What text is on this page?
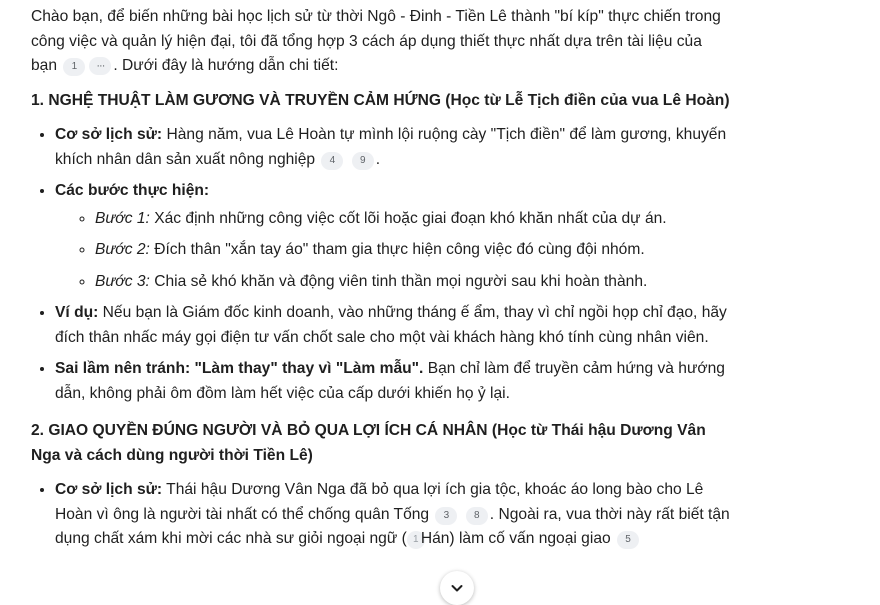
Chào bạn, để biến những bài học lịch sử từ thời Ngô - Đinh - Tiền Lê thành "bí kíp" thực chiến trong công việc và quản lý hiện đại, tôi đã tổng hợp 3 cách áp dụng thiết thực nhất dựa trên tài liệu của bạn 1 ··· . Dưới đây là hướng dẫn chi tiết:

1. NGHỆ THUẬT LÀM GƯƠNG VÀ TRUYỀN CẢM HỨNG (Học từ Lễ Tịch điền của vua Lê Hoàn)
• Cơ sở lịch sử: Hàng năm, vua Lê Hoàn tự mình lội ruộng cày "Tịch điền" để làm gương, khuyến khích nhân dân sản xuất nông nghiệp 4 9 .
• Các bước thực hiện:
◦ Bước 1: Xác định những công việc cốt lõi hoặc giai đoạn khó khăn nhất của dự án.
◦ Bước 2: Đích thân "xắn tay áo" tham gia thực hiện công việc đó cùng đội nhóm.
◦ Bước 3: Chia sẻ khó khăn và động viên tinh thần mọi người sau khi hoàn thành.
• Ví dụ: Nếu bạn là Giám đốc kinh doanh, vào những tháng ế ẩm, thay vì chỉ ngồi họp chỉ đạo, hãy đích thân nhấc máy gọi điện tư vấn chốt sale cho một vài khách hàng khó tính cùng nhân viên.
• Sai lầm nên tránh: "Làm thay" thay vì "Làm mẫu". Bạn chỉ làm để truyền cảm hứng và hướng dẫn, không phải ôm đồm làm hết việc của cấp dưới khiến họ ỷ lại.
2. GIAO QUYỀN ĐÚNG NGƯỜI VÀ BỎ QUA LỢI ÍCH CÁ NHÂN (Học từ Thái hậu Dương Vân Nga và cách dùng người thời Tiền Lê)
• Cơ sở lịch sử: Thái hậu Dương Vân Nga đã bỏ qua lợi ích gia tộc, khoác áo long bào cho Lê Hoàn vì ông là người tài nhất có thể chống quân Tống 3 8 . Ngoài ra, vua thời này rất biết tận dụng chất xám khi mời các nhà sư giỏi ngoại ngữ ( 1 Hán) làm cố vấn ngoại giao 5
